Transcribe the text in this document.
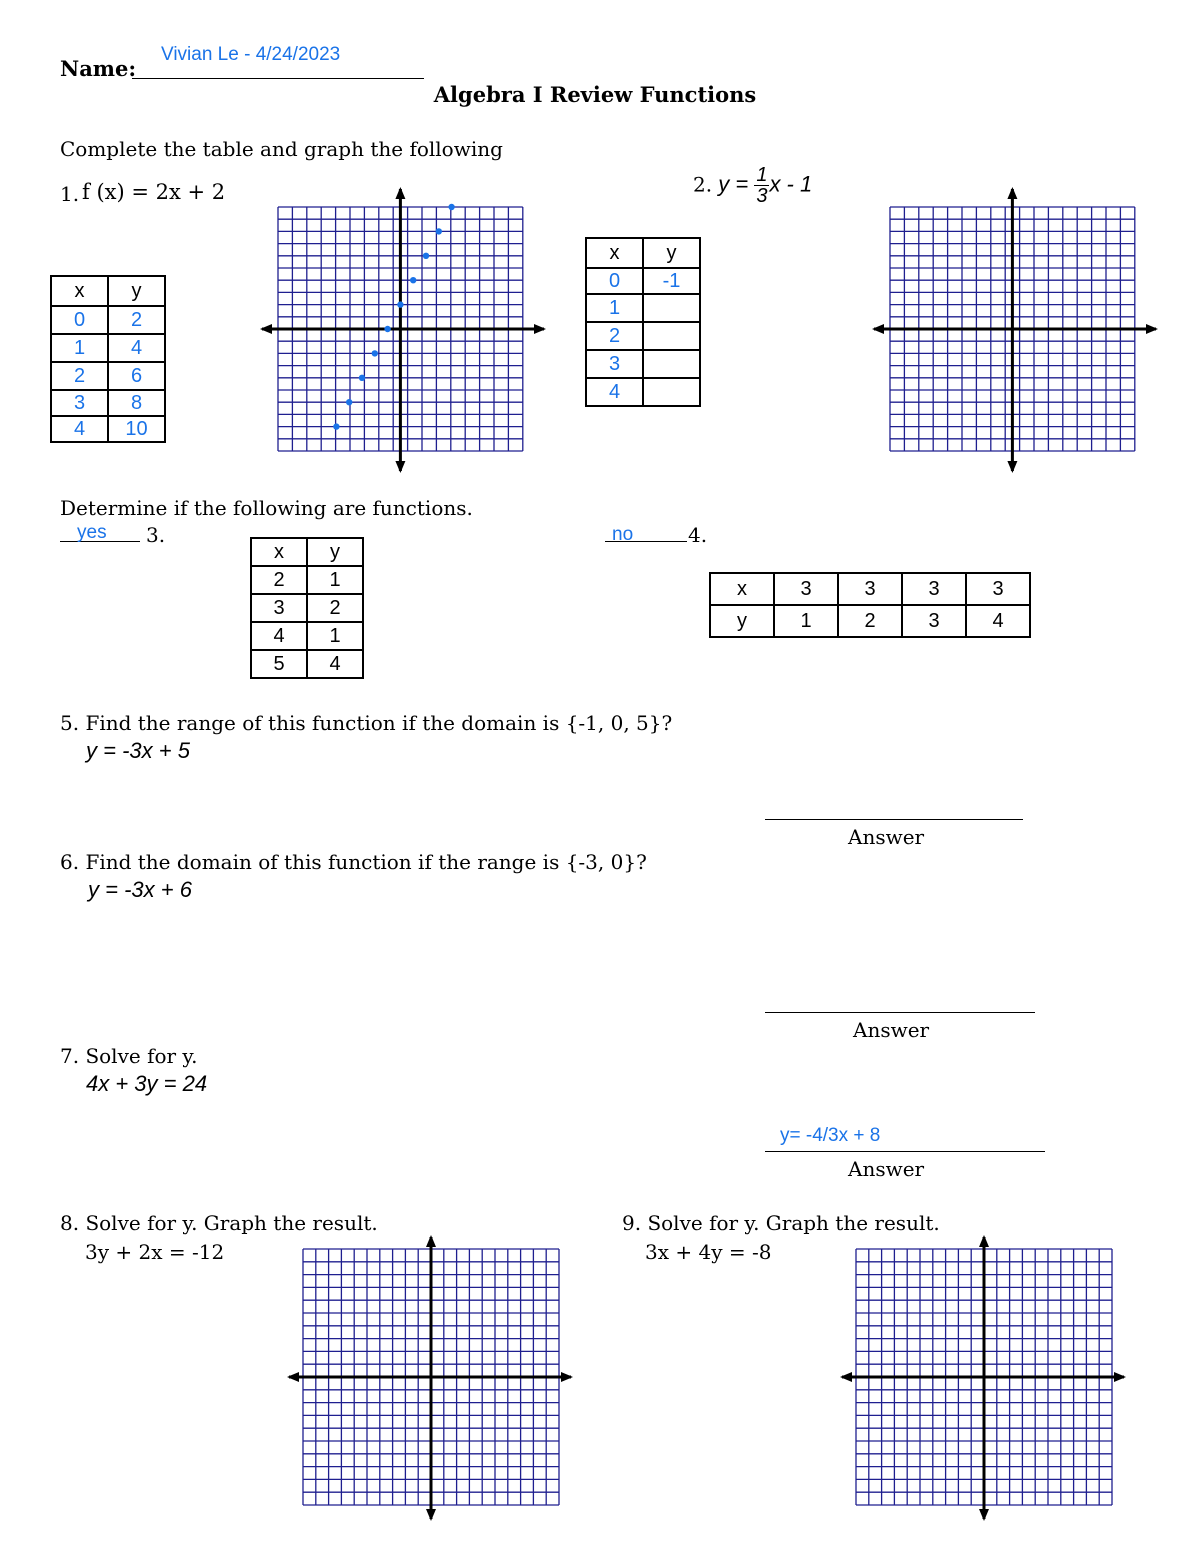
Name:
Vivian Le - 4/24/2023
Algebra I Review Functions
Complete the table and graph the following
1. f (x) = 2x + 2
x	y
0	2
1	4
2	6
3	8
4	10
2. $y = \frac{1}{3}$ x - 1
x	y
0	-1
1	
2	
3	
4	
Determine if the following are functions.
yes 3.
x	y
2	1
3	2
4	1
5	4
no	4.
x	3	3	3	3
y	1	2	3	4
5. Find the range of this function if the domain is {-1, 0, 5}?
y = -3x + 5
Answer
6. Find the domain of this function if the range is {-3, 0}?
y = -3x + 6
Answer
7. Solve for y.
4x + 3y = 24
y= -4/3x + 8
Answer
8. Solve for y. Graph the result.
3y + 2x = -12
9. Solve for y. Graph the result.
3x + 4y = -8
